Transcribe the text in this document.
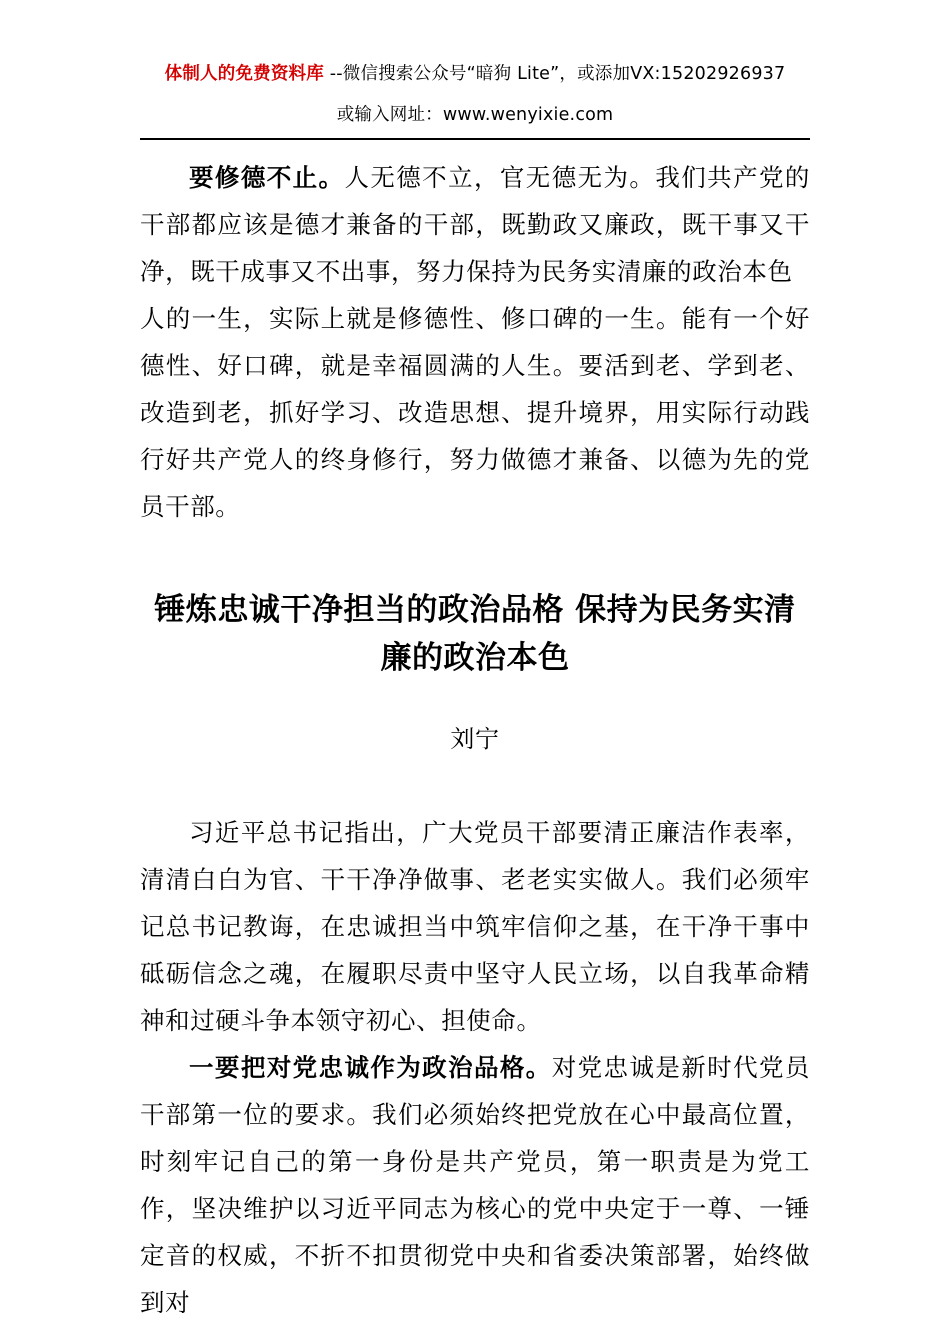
体制人的免费资料库 --微信搜索公众号“暗狗 Lite”，或添加VX:15202926937
或输入网址：www.wenyixie.com

要修德不止。人无德不立，官无德无为。我们共产党的干部都应该是德才兼备的干部，既勤政又廉政，既干事又干净，既干成事又不出事，努力保持为民务实清廉的政治本色

人的一生，实际上就是修德性、修口碑的一生。能有一个好德性、好口碑，就是幸福圆满的人生。要活到老、学到老、改造到老，抓好学习、改造思想、提升境界，用实际行动践行好共产党人的终身修行，努力做德才兼备、以德为先的党员干部。

锤炼忠诚干净担当的政治品格 保持为民务实清廉的政治本色
刘宁

习近平总书记指出，广大党员干部要清正廉洁作表率，清清白白为官、干干净净做事、老老实实做人。我们必须牢记总书记教诲，在忠诚担当中筑牢信仰之基，在干净干事中砥砺信念之魂，在履职尽责中坚守人民立场，以自我革命精神和过硬斗争本领守初心、担使命。

一要把对党忠诚作为政治品格。对党忠诚是新时代党员干部第一位的要求。我们必须始终把党放在心中最高位置，时刻牢记自己的第一身份是共产党员，第一职责是为党工作，坚决维护以习近平同志为核心的党中央定于一尊、一锤定音的权威，不折不扣贯彻党中央和省委决策部署，始终做到对
